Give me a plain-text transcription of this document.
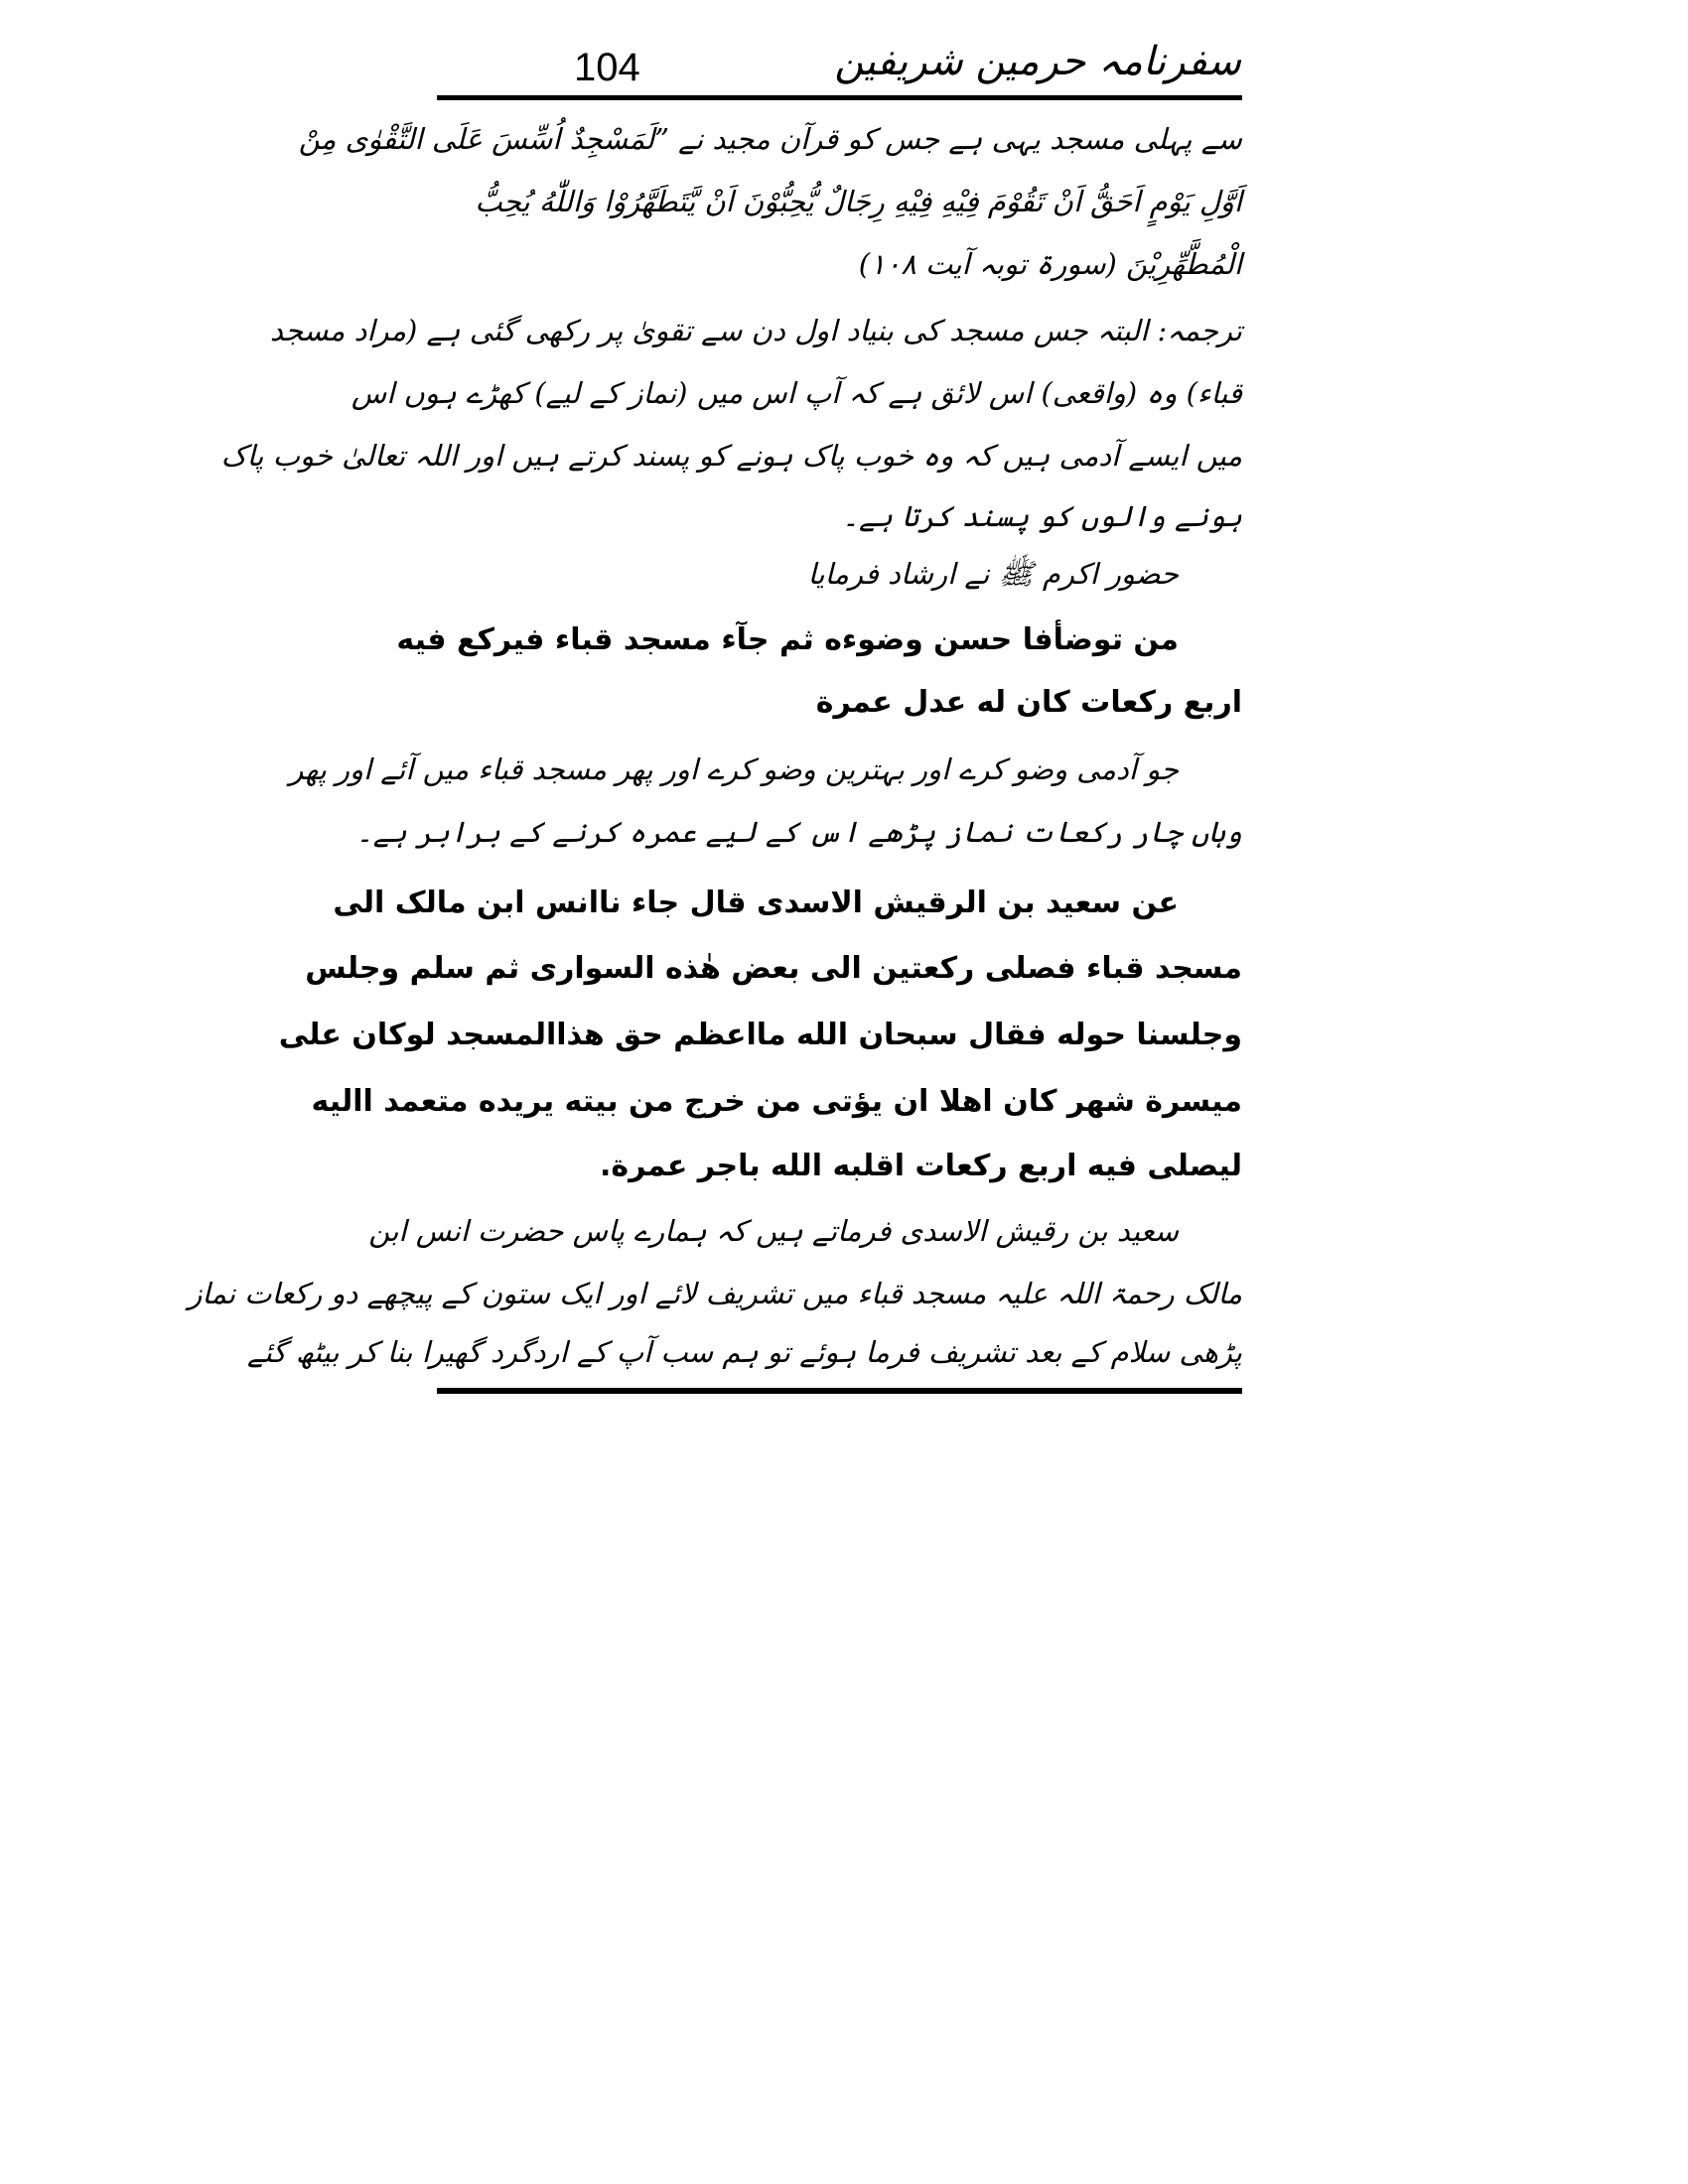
104	سفرنامہ حرمین شریفین
سے پہلی مسجد یہی ہے جس کو قرآن مجید نے ”لَمَسْجِدٌ اُسِّسَ عَلَی التَّقْوٰی مِنْ
اَوَّلِ یَوْمٍ اَحَقُّ اَنْ تَقُوْمَ فِیْهِ فِیْهِ رِجَالٌ یُّحِبُّوْنَ اَنْ یَّتَطَهَّرُوْا وَاللّٰهُ یُحِبُّ
الْمُطَّهِّرِیْنَ (سورۃ توبہ آیت ۱۰۸)
ترجمہ: البتہ جس مسجد کی بنیاد اول دن سے تقویٰ پر رکھی گئی ہے (مراد مسجد
قباء) وہ (واقعی) اس لائق ہے کہ آپ اس میں (نماز کے لیے) کھڑے ہوں اس
میں ایسے آدمی ہیں کہ وہ خوب پاک ہونے کو پسند کرتے ہیں اور اللہ تعالیٰ خوب پاک
ہونے والوں کو پسند کرتا ہے۔
حضور اکرم ﷺ نے ارشاد فرمایا
من توضأفا حسن وضوءه ثم جآء مسجد قباء فيركع فيه
اربع ركعات كان له عدل عمرة
جو آدمی وضو کرے اور بہترین وضو کرے اور پھر مسجد قباء میں آئے اور پھر
وہاں چار رکعات نماز پڑھے اس کے لیے عمرہ کرنے کے برابر ہے۔
عن سعيد بن الرقيش الاسدی قال جاء ناانس ابن مالک الی
مسجد قباء فصلى ركعتين الى بعض هٰذه السوارى ثم سلم وجلس
وجلسنا حوله فقال سبحان الله مااعظم حق هذاالمسجد لوكان على
ميسرة شهر كان اهلا ان يؤتى من خرج من بيته يريده متعمد االيه
ليصلى فيه اربع ركعات اقلبه الله باجر عمرة.
سعید بن رقیش الاسدی فرماتے ہیں کہ ہمارے پاس حضرت انس ابن
مالک رحمۃ اللہ علیہ مسجد قباء میں تشریف لائے اور ایک ستون کے پیچھے دو رکعات نماز
پڑھی سلام کے بعد تشریف فرما ہوئے تو ہم سب آپ کے اردگرد گھیرا بنا کر بیٹھ گئے
